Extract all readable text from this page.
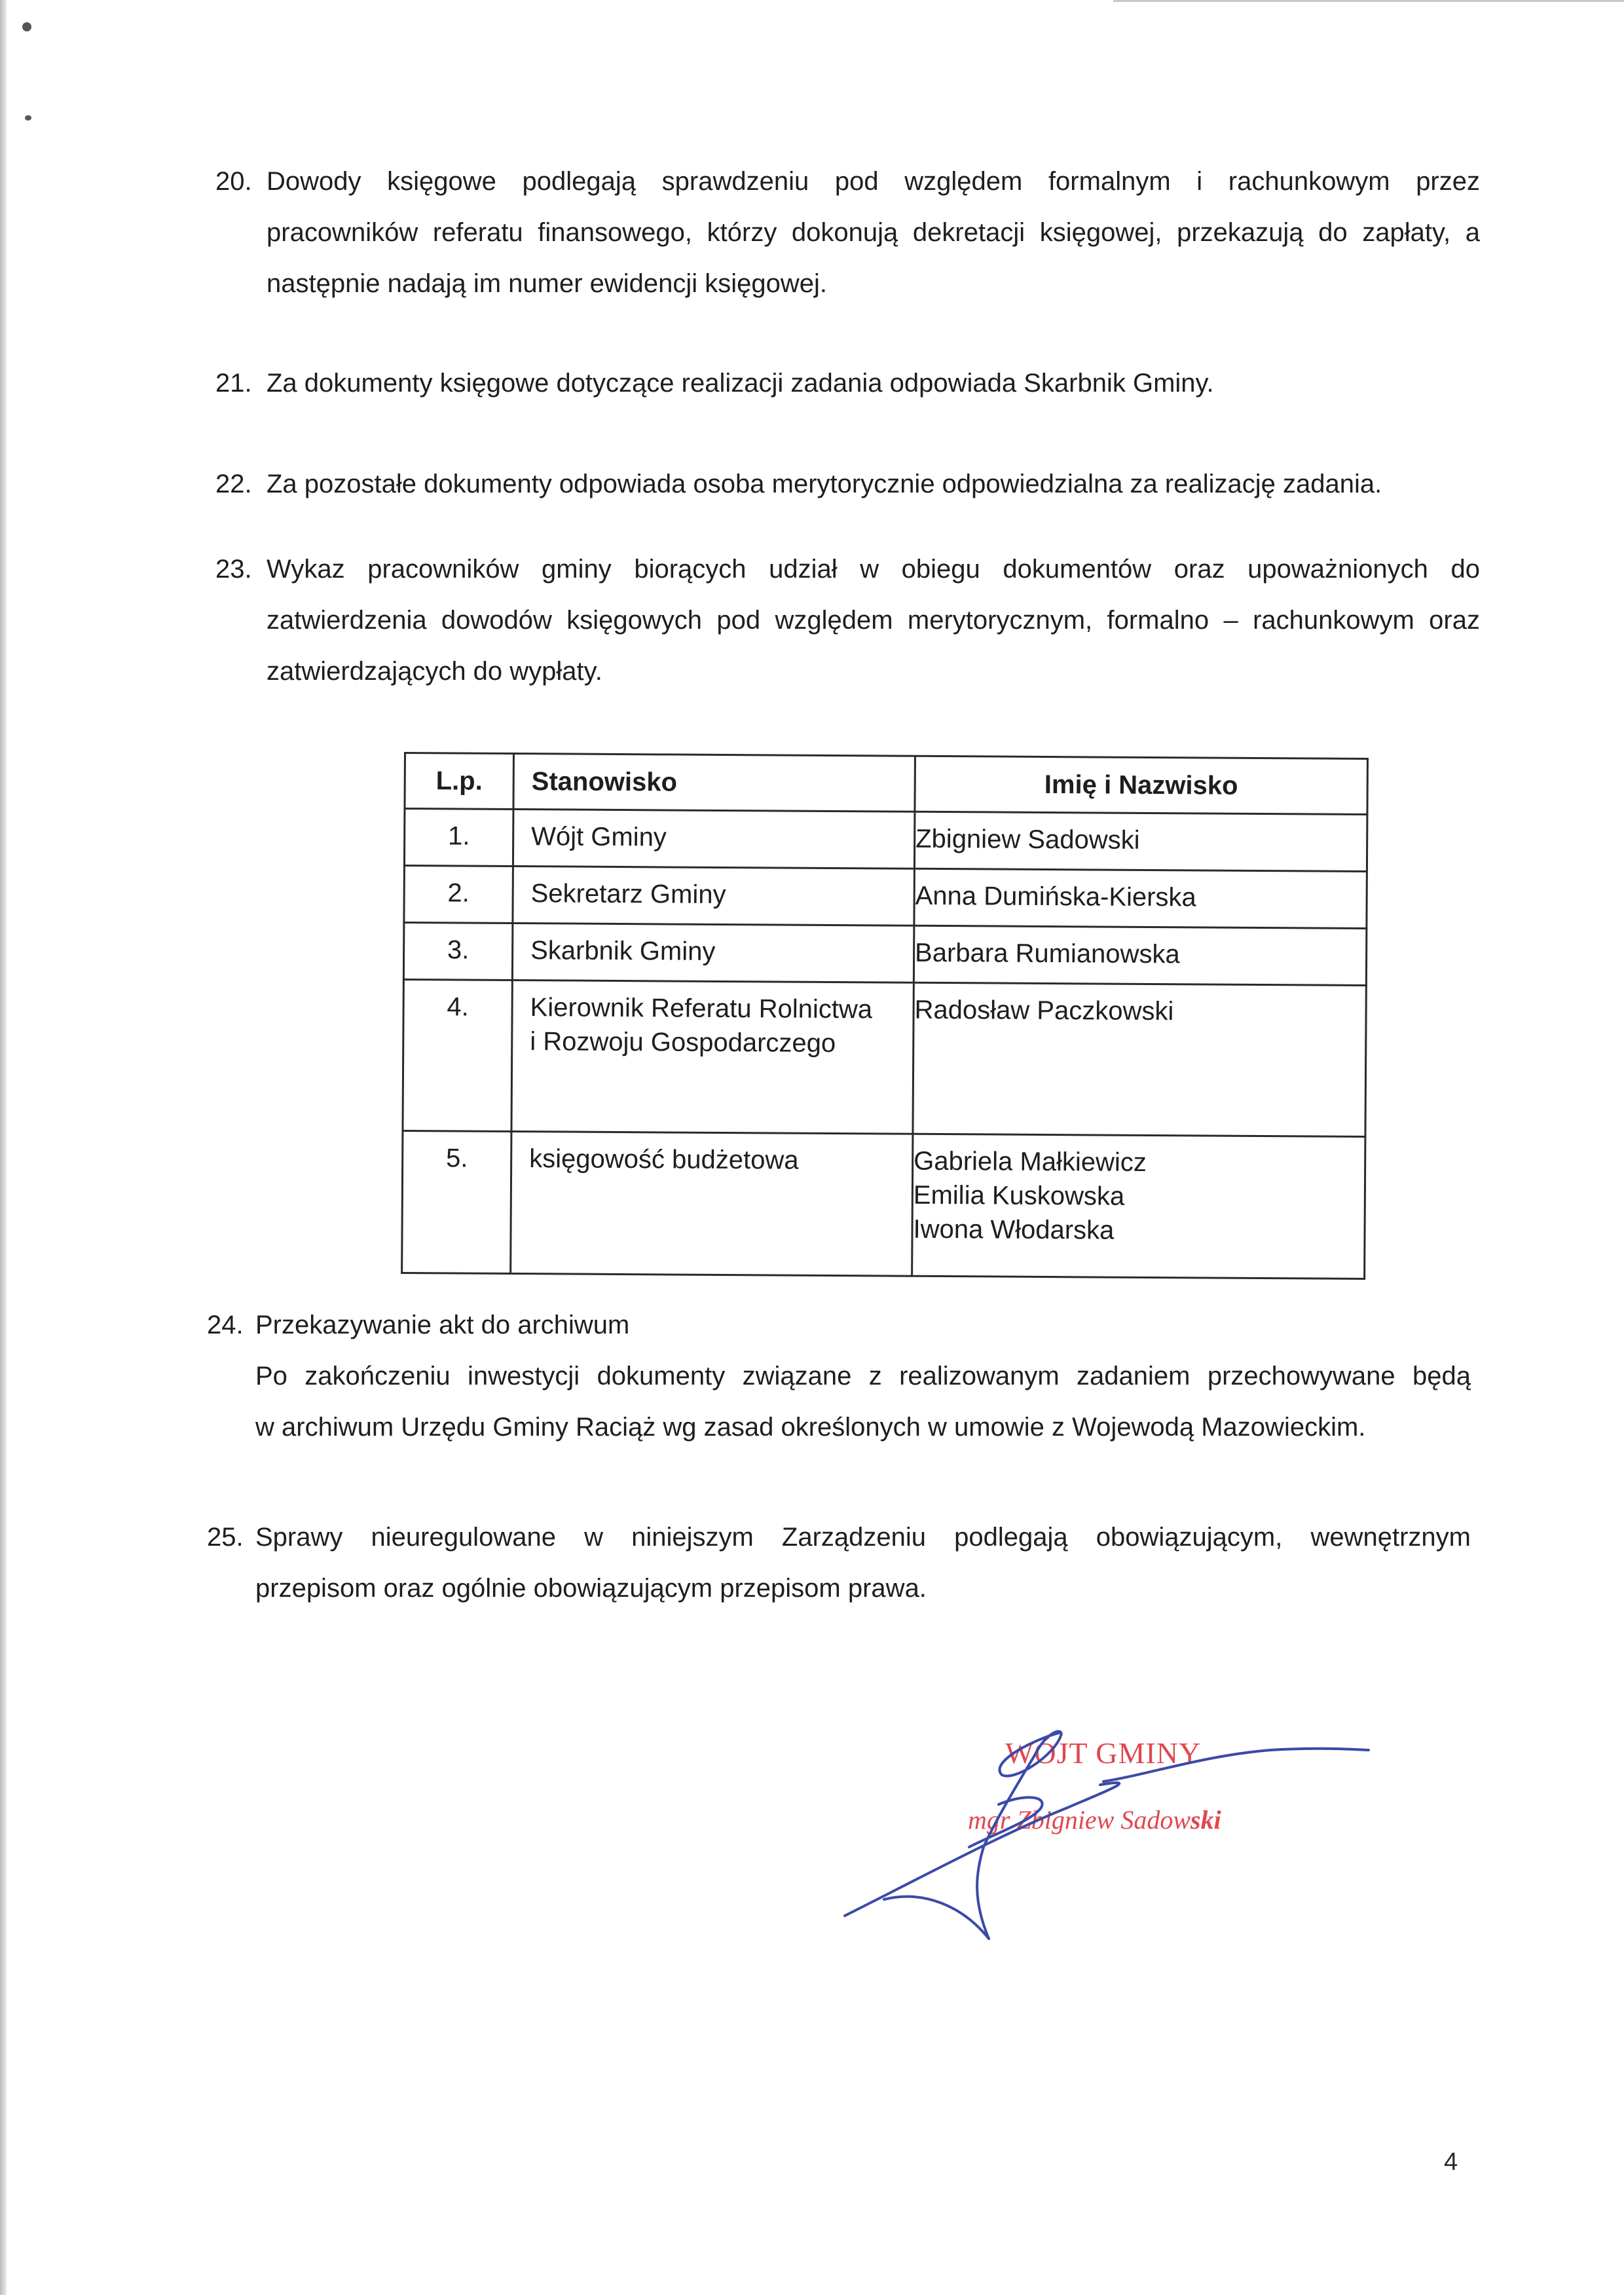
20. Dowody księgowe podlegają sprawdzeniu pod względem formalnym i rachunkowym przez
pracowników referatu finansowego, którzy dokonują dekretacji księgowej, przekazują do zapłaty, a
następnie nadają im numer ewidencji księgowej.
21. Za dokumenty księgowe dotyczące realizacji zadania odpowiada Skarbnik Gminy.
22. Za pozostałe dokumenty odpowiada osoba merytorycznie odpowiedzialna za realizację zadania.
23. Wykaz pracowników gminy biorących udział w obiegu dokumentów oraz upoważnionych do
zatwierdzenia dowodów księgowych pod względem merytorycznym, formalno – rachunkowym oraz
zatwierdzających do wypłaty.
L.p.	Stanowisko	Imię i Nazwisko
1.	Wójt Gminy	Zbigniew Sadowski

2.	Sekretarz Gminy	Anna Dumińska-Kierska

3.	Skarbnik Gminy	Barbara Rumianowska

4.	Kierownik Referatu Rolnictwa
i Rozwoju Gospodarczego	Radosław Paczkowski

5.	księgowość budżetowa	Gabriela Małkiewicz
Emilia Kuskowska
Iwona Włodarska
24. Przekazywanie akt do archiwum
Po zakończeniu inwestycji dokumenty związane z realizowanym zadaniem przechowywane będą
w archiwum Urzędu Gminy Raciąż wg zasad określonych w umowie z Wojewodą Mazowieckim.
25. Sprawy nieuregulowane w niniejszym Zarządzeniu podlegają obowiązującym, wewnętrznym
przepisom oraz ogólnie obowiązującym przepisom prawa.
WÓJT GMINY
mgr Zbigniew Sadowski
4
